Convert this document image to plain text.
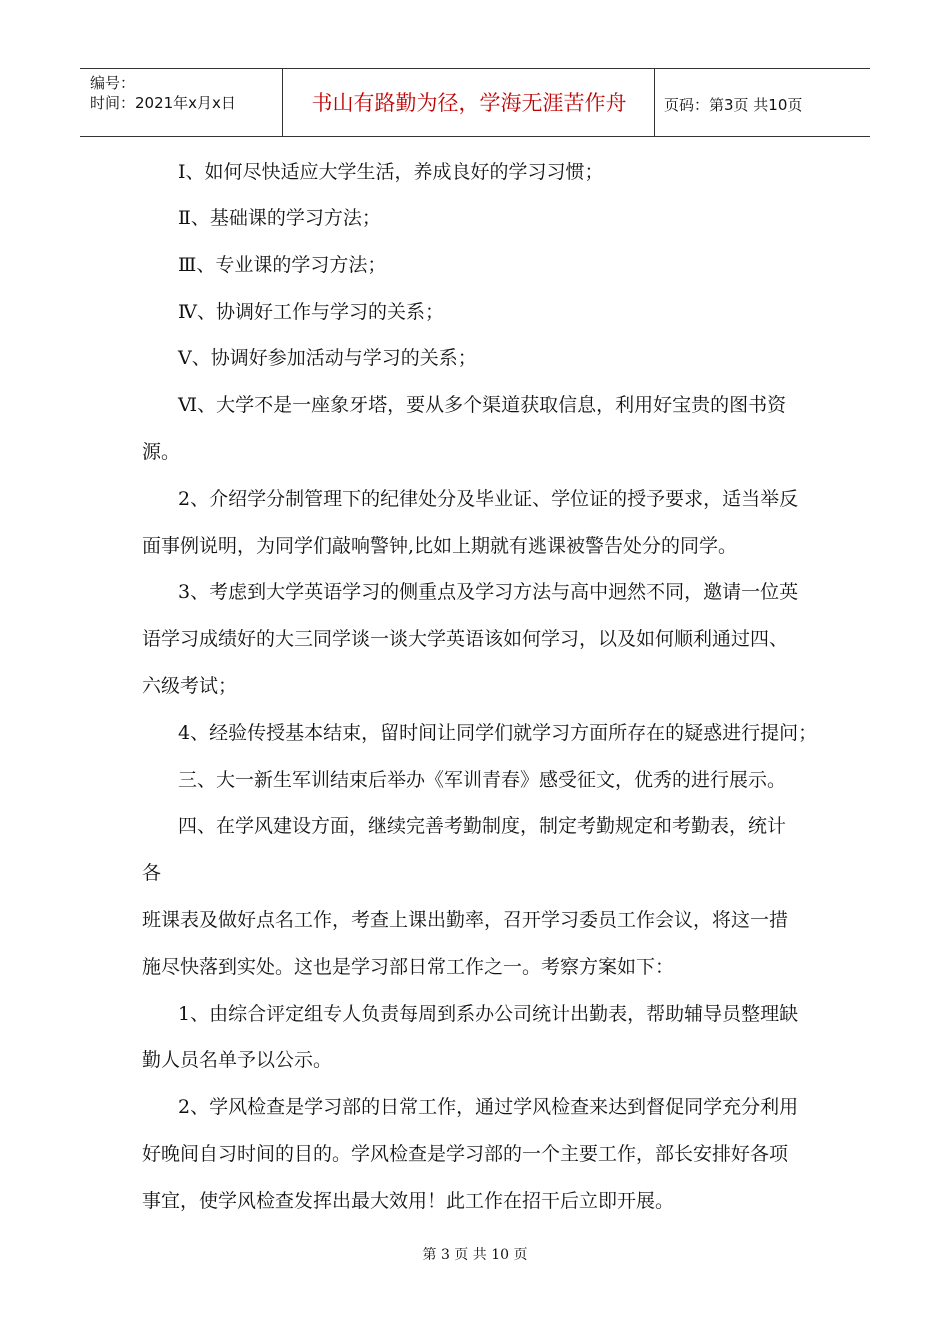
编号：
时间：2021年x月x日	书山有路勤为径，学海无涯苦作舟	页码：第3页 共10页
Ⅰ、如何尽快适应大学生活，养成良好的学习习惯；
Ⅱ、基础课的学习方法；
Ⅲ、专业课的学习方法；
Ⅳ、协调好工作与学习的关系；
Ⅴ、协调好参加活动与学习的关系；
Ⅵ、大学不是一座象牙塔，要从多个渠道获取信息，利用好宝贵的图书资
源。
2、介绍学分制管理下的纪律处分及毕业证、学位证的授予要求，适当举反
面事例说明，为同学们敲响警钟,比如上期就有逃课被警告处分的同学。
3、考虑到大学英语学习的侧重点及学习方法与高中迥然不同，邀请一位英
语学习成绩好的大三同学谈一谈大学英语该如何学习，以及如何顺利通过四、
六级考试；
4、经验传授基本结束，留时间让同学们就学习方面所存在的疑惑进行提问；
三、大一新生军训结束后举办《军训青春》感受征文，优秀的进行展示。
四、在学风建设方面，继续完善考勤制度，制定考勤规定和考勤表，统计
各
班课表及做好点名工作，考查上课出勤率，召开学习委员工作会议，将这一措
施尽快落到实处。这也是学习部日常工作之一。考察方案如下：
1、由综合评定组专人负责每周到系办公司统计出勤表，帮助辅导员整理缺
勤人员名单予以公示。
2、学风检查是学习部的日常工作，通过学风检查来达到督促同学充分利用
好晚间自习时间的目的。学风检查是学习部的一个主要工作，部长安排好各项
事宜，使学风检查发挥出最大效用！此工作在招干后立即开展。
第 3 页 共 10 页
